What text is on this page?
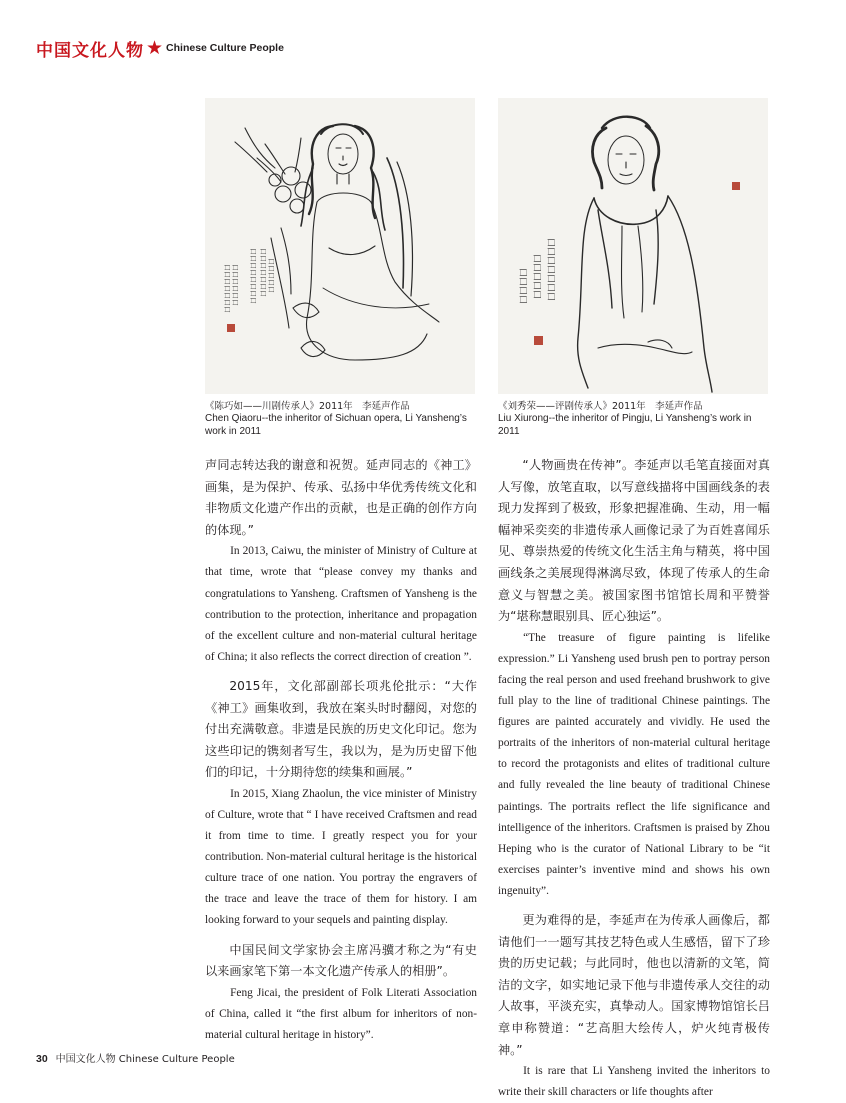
中国文化人物 ★ Chinese Culture People
口口口口口口口口 口口口口口口口 口口口口口
口口口口口口口 口口口口口口	口口口口口口口
口口口口口
口口口口
《陈巧如——川剧传承人》2011年　李延声作品
Chen Qiaoru--the inheritor of Sichuan opera, Li Yansheng’s work in 2011
《刘秀荣——评剧传承人》2011年　李延声作品
Liu Xiurong--the inheritor of Pingju, Li Yansheng’s work in 2011

声同志转达我的谢意和祝贺。延声同志的《神工》画集，是为保护、传承、弘扬中华优秀传统文化和非物质文化遗产作出的贡献，也是正确的创作方向的体现。”

In 2013, Caiwu, the minister of Ministry of Culture at that time, wrote that “please convey my thanks and congratulations to Yansheng. Craftsmen of Yansheng is the contribution to the protection, inheritance and propagation of the excellent culture and non-material cultural heritage of China; it also reflects the correct direction of creation ”.

2015年，文化部副部长项兆伦批示：“大作《神工》画集收到，我放在案头时时翻阅，对您的付出充满敬意。非遗是民族的历史文化印记。您为这些印记的镌刻者写生，我以为，是为历史留下他们的印记，十分期待您的续集和画展。”

In 2015, Xiang Zhaolun, the vice minister of Ministry of Culture, wrote that “ I have received Craftsmen and read it from time to time. I greatly respect you for your contribution. Non-material cultural heritage is the historical culture trace of one nation. You portray the engravers of the trace and leave the trace of them for history. I am looking forward to your sequels and painting display.

中国民间文学家协会主席冯骥才称之为“有史以来画家笔下第一本文化遗产传承人的相册”。

Feng Jicai, the president of Folk Literati Association of China, called it “the first album for inheritors of non-material cultural heritage in history”.

“人物画贵在传神”。李延声以毛笔直接面对真人写像，放笔直取，以写意线描将中国画线条的表现力发挥到了极致，形象把握准确、生动，用一幅幅神采奕奕的非遗传承人画像记录了为百姓喜闻乐见、尊崇热爱的传统文化生活主角与精英，将中国画线条之美展现得淋漓尽致，体现了传承人的生命意义与智慧之美。被国家图书馆馆长周和平赞誉为“堪称慧眼别具、匠心独运”。

“The treasure of figure painting is lifelike expression.” Li Yansheng used brush pen to portray person facing the real person and used freehand brushwork to give full play to the line of traditional Chinese paintings. The figures are painted accurately and vividly. He used the portraits of the inheritors of non-material cultural heritage to record the protagonists and elites of traditional culture and fully revealed the line beauty of traditional Chinese paintings. The portraits reflect the life significance and intelligence of the inheritors. Craftsmen is praised by Zhou Heping who is the curator of National Library to be “it exercises painter’s inventive mind and shows his own ingenuity”.

更为难得的是，李延声在为传承人画像后，都请他们一一题写其技艺特色或人生感悟，留下了珍贵的历史记载；与此同时，他也以清新的文笔，简洁的文字，如实地记录下他与非遗传承人交往的动人故事，平淡充实，真挚动人。国家博物馆馆长吕章申称赞道：“艺高胆大绘传人，炉火纯青极传神。”

It is rare that Li Yansheng invited the inheritors to write their skill characters or life thoughts after

30 中国文化人物 Chinese Culture People
